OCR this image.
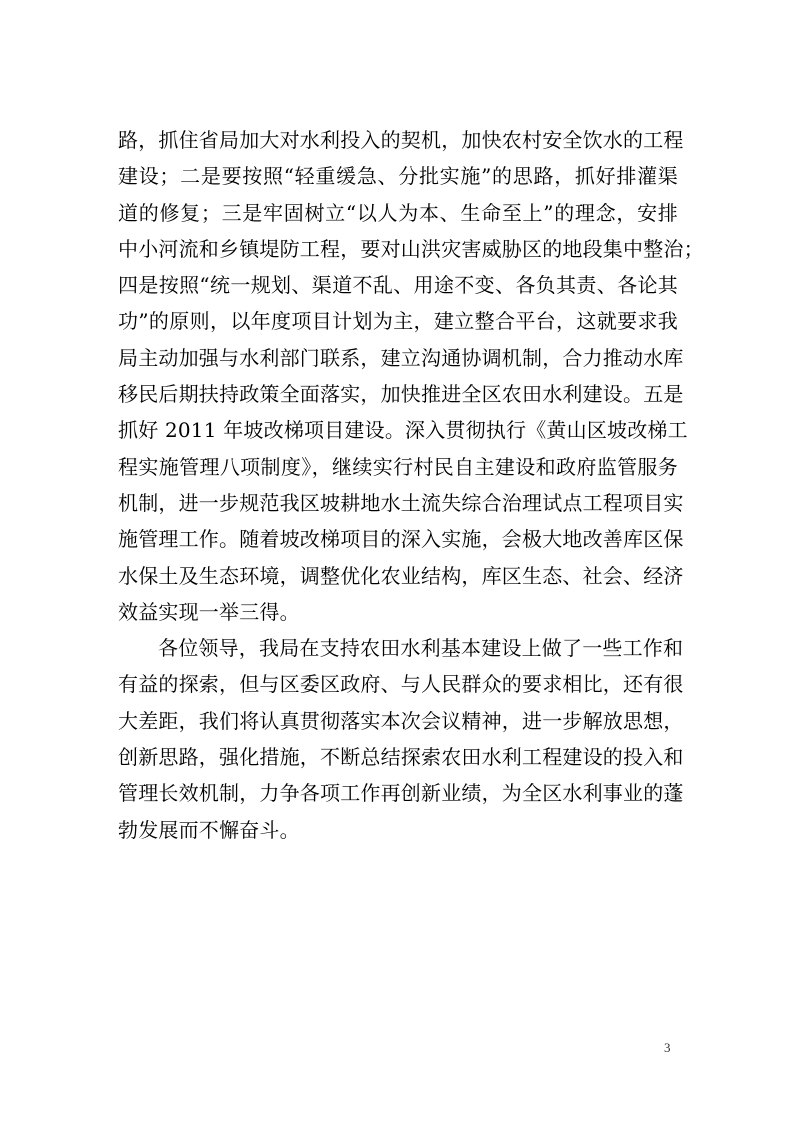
路，抓住省局加大对水利投入的契机，加快农村安全饮水的工程
建设；二是要按照“轻重缓急、分批实施”的思路，抓好排灌渠
道的修复；三是牢固树立“以人为本、生命至上”的理念，安排
中小河流和乡镇堤防工程，要对山洪灾害威胁区的地段集中整治；
四是按照“统一规划、渠道不乱、用途不变、各负其责、各论其
功”的原则，以年度项目计划为主，建立整合平台，这就要求我
局主动加强与水利部门联系，建立沟通协调机制，合力推动水库
移民后期扶持政策全面落实，加快推进全区农田水利建设。五是
抓好 2011 年坡改梯项目建设。深入贯彻执行《黄山区坡改梯工
程实施管理八项制度》，继续实行村民自主建设和政府监管服务
机制，进一步规范我区坡耕地水土流失综合治理试点工程项目实
施管理工作。随着坡改梯项目的深入实施，会极大地改善库区保
水保土及生态环境，调整优化农业结构，库区生态、社会、经济
效益实现一举三得。
各位领导，我局在支持农田水利基本建设上做了一些工作和
有益的探索，但与区委区政府、与人民群众的要求相比，还有很
大差距，我们将认真贯彻落实本次会议精神，进一步解放思想，
创新思路，强化措施，不断总结探索农田水利工程建设的投入和
管理长效机制，力争各项工作再创新业绩，为全区水利事业的蓬
勃发展而不懈奋斗。
3
